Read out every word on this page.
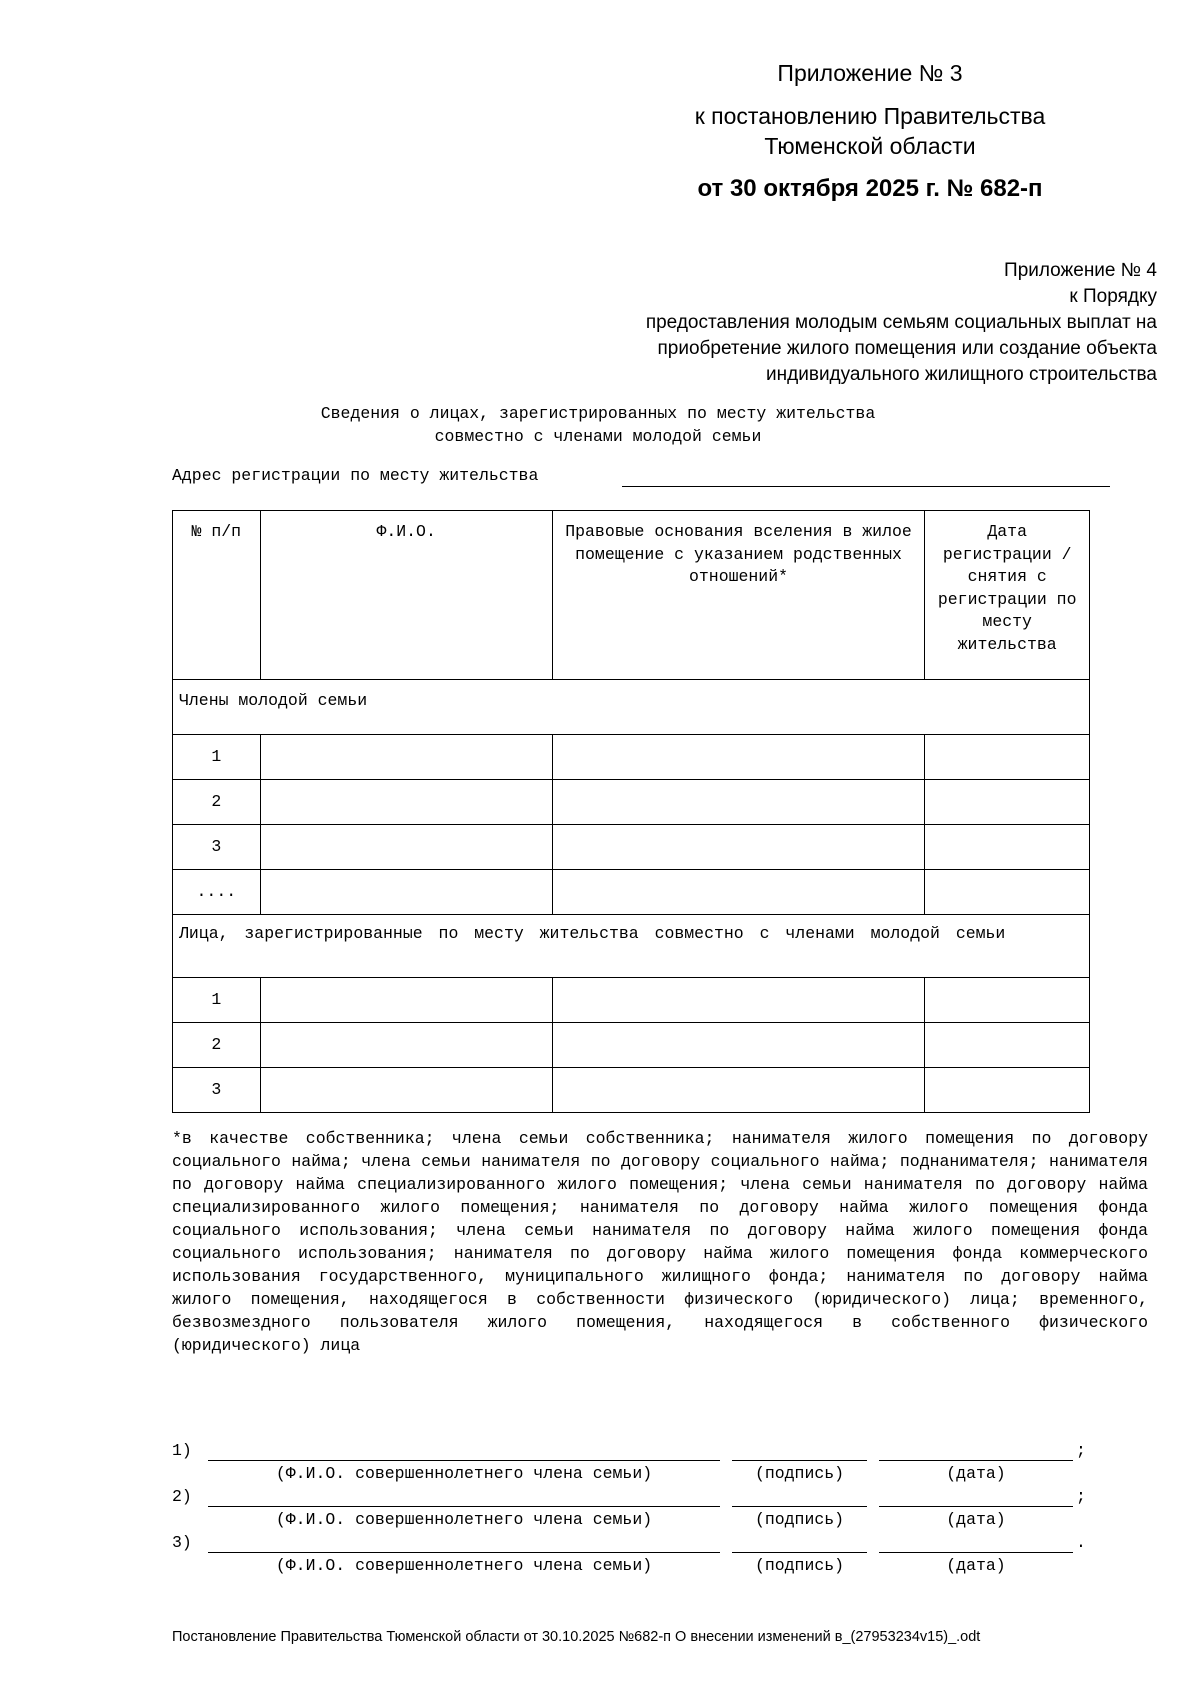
Приложение № 3
к постановлению Правительства
Тюменской области
от 30 октября 2025 г. № 682-п
Приложение № 4
к Порядку
предоставления молодым семьям социальных выплат на
приобретение жилого помещения или создание объекта
индивидуального жилищного строительства
Сведения о лицах, зарегистрированных по месту жительства
совместно с членами молодой семьи
Адрес регистрации по месту жительства
№ п/п	Ф.И.О.	Правовые основания вселения в жилое помещение с указанием родственных отношений*	Дата регистрации /снятия с регистрации по месту жительства
Члены молодой семьи			
1			
2			
3			
....			
Лица, зарегистрированные по месту жительства совместно с членами молодой семьи			
1			
2			
3			
*в качестве собственника; члена семьи собственника; нанимателя жилого помещения по договору социального найма; члена семьи нанимателя по договору социального найма; поднанимателя; нанимателя по договору найма специализированного жилого помещения; члена семьи нанимателя по договору найма специализированного жилого помещения; нанимателя по договору найма жилого помещения фонда социального использования; члена семьи нанимателя по договору найма жилого помещения фонда социального использования; нанимателя по договору найма жилого помещения фонда коммерческого использования государственного, муниципального жилищного фонда; нанимателя по договору найма жилого помещения, находящегося в собственности физического (юридического) лица; временного, безвозмездного пользователя жилого помещения, находящегося в собственного физического (юридического) лица
1)	;
(Ф.И.О. совершеннолетнего члена семьи)	(подпись)	(дата)
2)	;
(Ф.И.О. совершеннолетнего члена семьи)	(подпись)	(дата)
3)	.
(Ф.И.О. совершеннолетнего члена семьи)	(подпись)	(дата)
Постановление Правительства Тюменской области от 30.10.2025 №682-п О внесении изменений в_(27953234v15)_.odt
